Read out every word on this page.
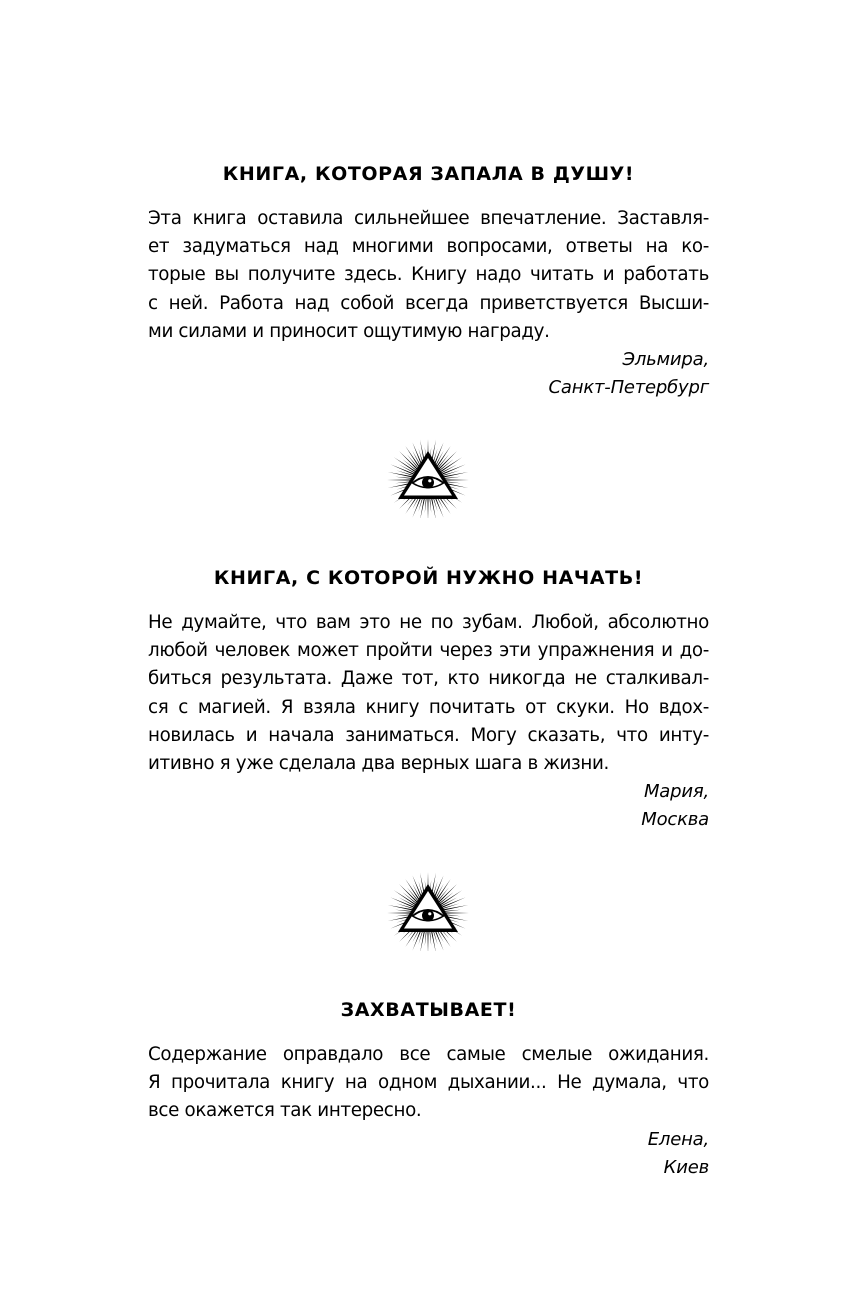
КНИГА, КОТОРАЯ ЗАПАЛА В ДУШУ!
Эта книга оставила сильнейшее впечатление. Заставля-
ет задуматься над многими вопросами, ответы на ко-
торые вы получите здесь. Книгу надо читать и работать
с ней. Работа над собой всегда приветствуется Высши-
ми силами и приносит ощутимую награду.
Эльмира,
Санкт-Петербург
КНИГА, С КОТОРОЙ НУЖНО НАЧАТЬ!
Не думайте, что вам это не по зубам. Любой, абсолютно
любой человек может пройти через эти упражнения и до-
биться результата. Даже тот, кто никогда не сталкивал-
ся с магией. Я взяла книгу почитать от скуки. Но вдох-
новилась и начала заниматься. Могу сказать, что инту-
итивно я уже сделала два верных шага в жизни.
Мария,
Москва
ЗАХВАТЫВАЕТ!
Содержание оправдало все самые смелые ожидания.
Я прочитала книгу на одном дыхании... Не думала, что
все окажется так интересно.
Елена,
Киев
